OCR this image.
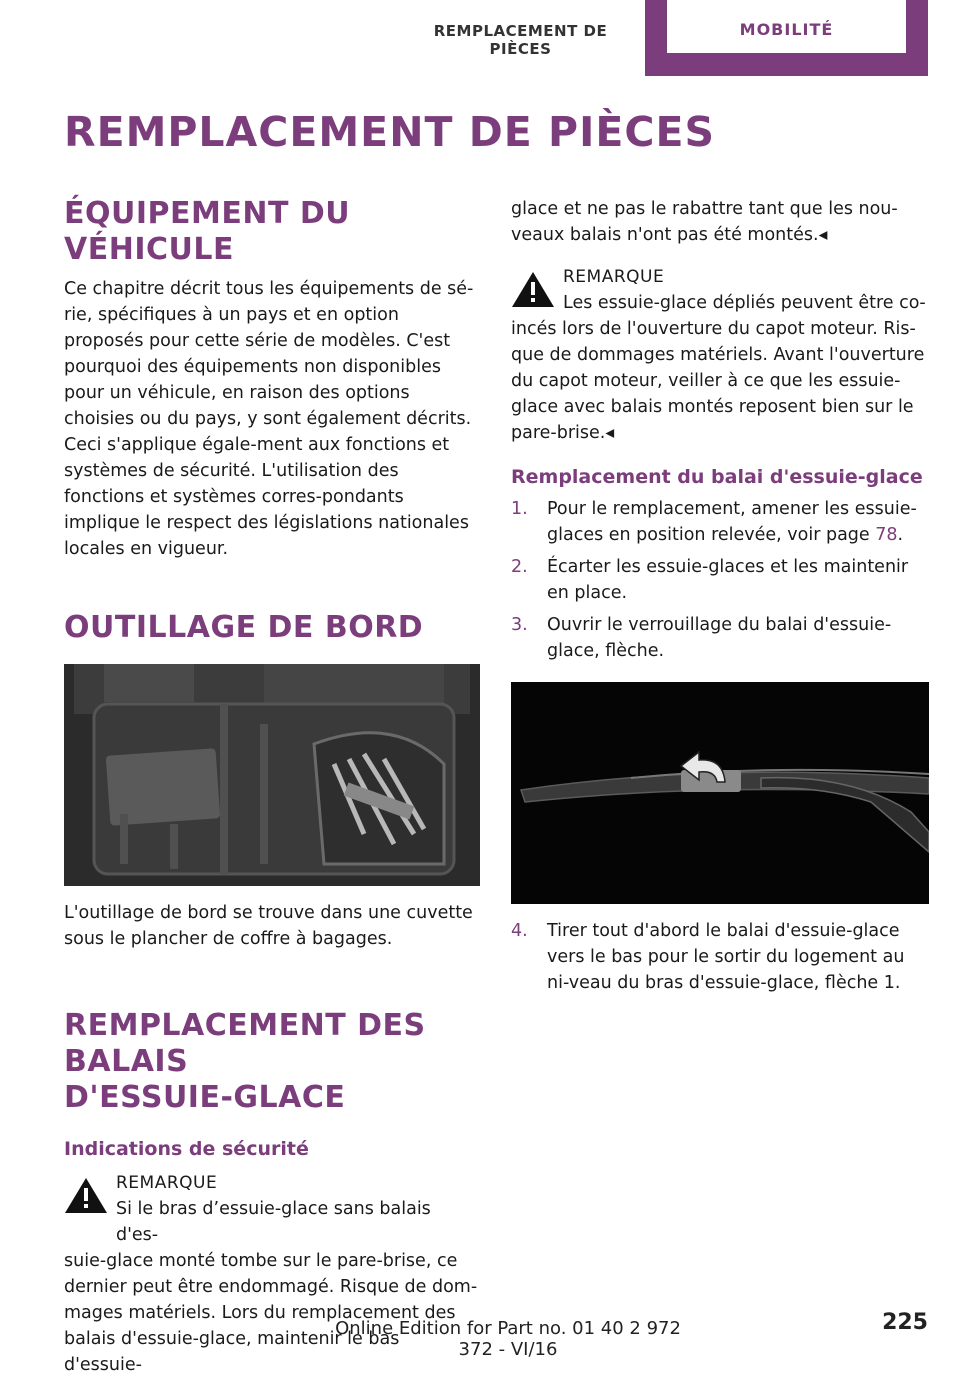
REMPLACEMENT DE PIÈCES
MOBILITÉ
REMPLACEMENT DE PIÈCES
ÉQUIPEMENT DU VÉHICULE

Ce chapitre décrit tous les équipements de sé‐rie, spécifiques à un pays et en option proposés pour cette série de modèles. C'est pourquoi des équipements non disponibles pour un véhicule, en raison des options choisies ou du pays, y sont également décrits. Ceci s'applique égale‐ment aux fonctions et systèmes de sécurité. L'utilisation des fonctions et systèmes corres‐pondants implique le respect des législations nationales locales en vigueur.

OUTILLAGE DE BORD

L'outillage de bord se trouve dans une cuvette sous le plancher de coffre à bagages.

REMPLACEMENT DES BALAIS
D'ESSUIE-GLACE
Indications de sécurité
REMARQUE

Si le bras d’essuie-glace sans balais d'es‐

suie-glace monté tombe sur le pare-brise, ce dernier peut être endommagé. Risque de dom‐mages matériels. Lors du remplacement des balais d'essuie-glace, maintenir le bas d'essuie‐

glace et ne pas le rabattre tant que les nou‐veaux balais n'ont pas été montés.◂

REMARQUE

Les essuie-glace dépliés peuvent être co‐

incés lors de l'ouverture du capot moteur. Ris‐que de dommages matériels. Avant l'ouverture du capot moteur, veiller à ce que les essuie-glace avec balais montés reposent bien sur le pare-brise.◂

Remplacement du balai d'essuie-glace
1. Pour le remplacement, amener les essuie-glaces en position relevée, voir page 78.
2. Écarter les essuie-glaces et les maintenir en place.
3. Ouvrir le verrouillage du balai d'essuie-glace, flèche.
4. Tirer tout d'abord le balai d'essuie-glace vers le bas pour le sortir du logement au ni‐veau du bras d'essuie-glace, flèche 1.
Online Edition for Part no. 01 40 2 972 372 - VI/16
225
